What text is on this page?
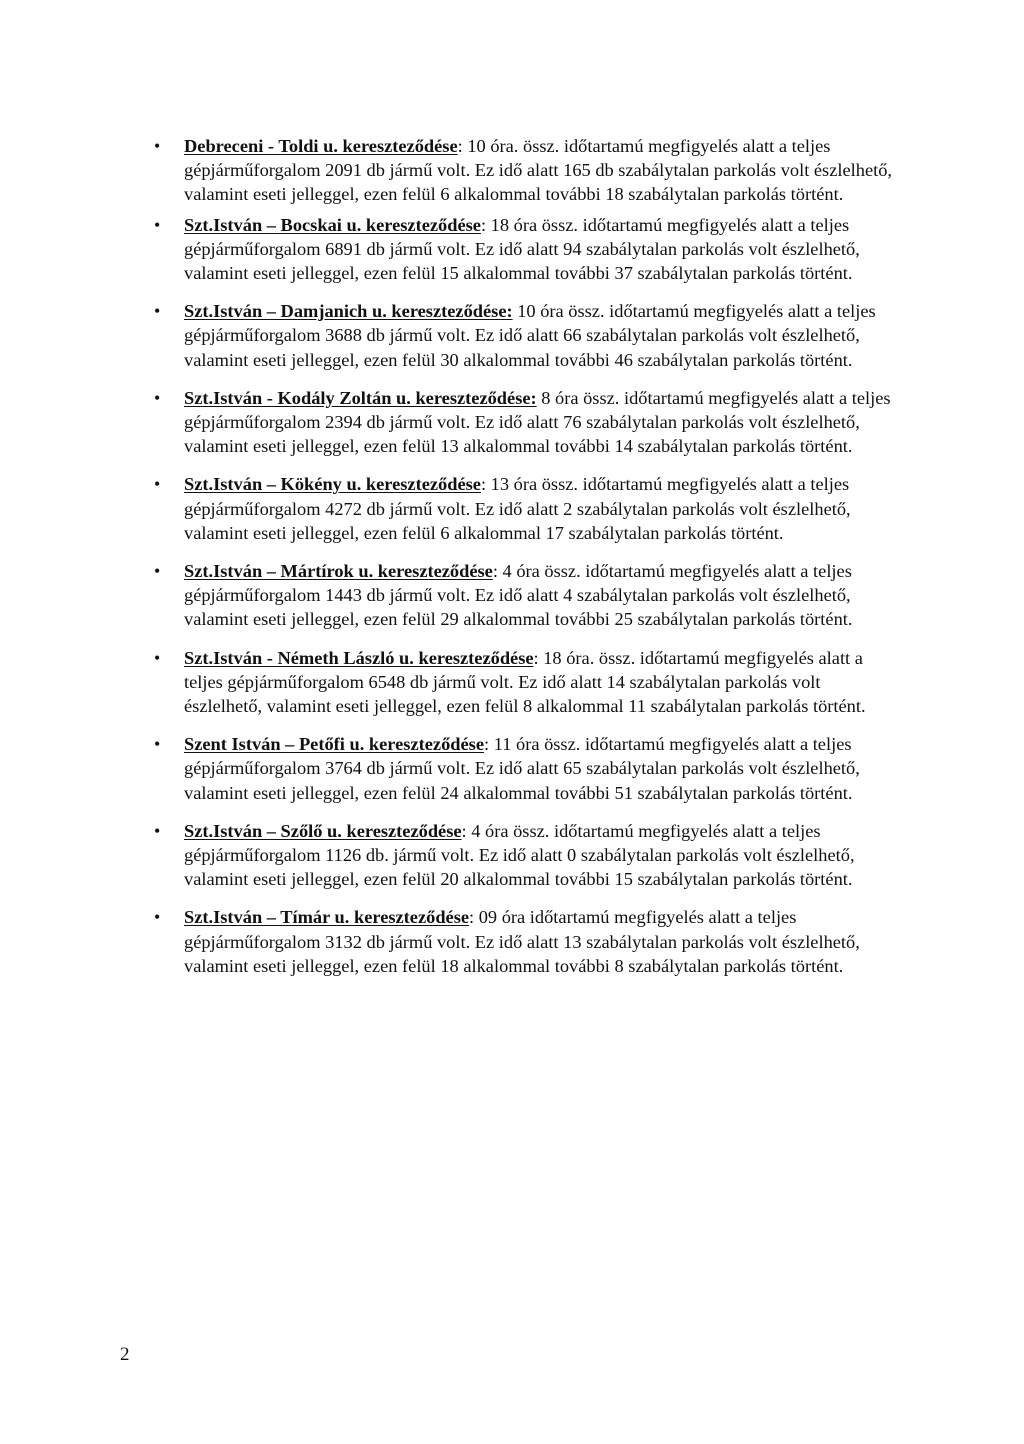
• Debreceni - Toldi u. kereszteződése: 10 óra. össz. időtartamú megfigyelés alatt a teljes gépjárműforgalom 2091 db jármű volt. Ez idő alatt 165 db szabálytalan parkolás volt észlelhető, valamint eseti jelleggel, ezen felül 6 alkalommal további 18 szabálytalan parkolás történt.
• Szt.István – Bocskai u. kereszteződése: 18 óra össz. időtartamú megfigyelés alatt a teljes gépjárműforgalom 6891 db jármű volt. Ez idő alatt 94 szabálytalan parkolás volt észlelhető, valamint eseti jelleggel, ezen felül 15 alkalommal további 37 szabálytalan parkolás történt.
• Szt.István – Damjanich u. kereszteződése: 10 óra össz. időtartamú megfigyelés alatt a teljes gépjárműforgalom 3688 db jármű volt. Ez idő alatt 66 szabálytalan parkolás volt észlelhető, valamint eseti jelleggel, ezen felül 30 alkalommal további 46 szabálytalan parkolás történt.
• Szt.István - Kodály Zoltán u. kereszteződése: 8 óra össz. időtartamú megfigyelés alatt a teljes gépjárműforgalom 2394 db jármű volt. Ez idő alatt 76 szabálytalan parkolás volt észlelhető, valamint eseti jelleggel, ezen felül 13 alkalommal további 14 szabálytalan parkolás történt.
• Szt.István – Kökény u. kereszteződése: 13 óra össz. időtartamú megfigyelés alatt a teljes gépjárműforgalom 4272 db jármű volt. Ez idő alatt 2 szabálytalan parkolás volt észlelhető, valamint eseti jelleggel, ezen felül 6 alkalommal 17 szabálytalan parkolás történt.
• Szt.István – Mártírok u. kereszteződése: 4 óra össz. időtartamú megfigyelés alatt a teljes gépjárműforgalom 1443 db jármű volt. Ez idő alatt 4 szabálytalan parkolás volt észlelhető, valamint eseti jelleggel, ezen felül 29 alkalommal további 25 szabálytalan parkolás történt.
• Szt.István - Németh László u. kereszteződése: 18 óra. össz. időtartamú megfigyelés alatt a teljes gépjárműforgalom 6548 db jármű volt. Ez idő alatt 14 szabálytalan parkolás volt észlelhető, valamint eseti jelleggel, ezen felül 8 alkalommal 11 szabálytalan parkolás történt.
• Szent István – Petőfi u. kereszteződése: 11 óra össz. időtartamú megfigyelés alatt a teljes gépjárműforgalom 3764 db jármű volt. Ez idő alatt 65 szabálytalan parkolás volt észlelhető, valamint eseti jelleggel, ezen felül 24 alkalommal további 51 szabálytalan parkolás történt.
• Szt.István – Szőlő u. kereszteződése: 4 óra össz. időtartamú megfigyelés alatt a teljes gépjárműforgalom 1126 db. jármű volt. Ez idő alatt 0 szabálytalan parkolás volt észlelhető, valamint eseti jelleggel, ezen felül 20 alkalommal további 15 szabálytalan parkolás történt.
• Szt.István – Tímár u. kereszteződése: 09 óra időtartamú megfigyelés alatt a teljes gépjárműforgalom 3132 db jármű volt. Ez idő alatt 13 szabálytalan parkolás volt észlelhető, valamint eseti jelleggel, ezen felül 18 alkalommal további 8 szabálytalan parkolás történt.
2
